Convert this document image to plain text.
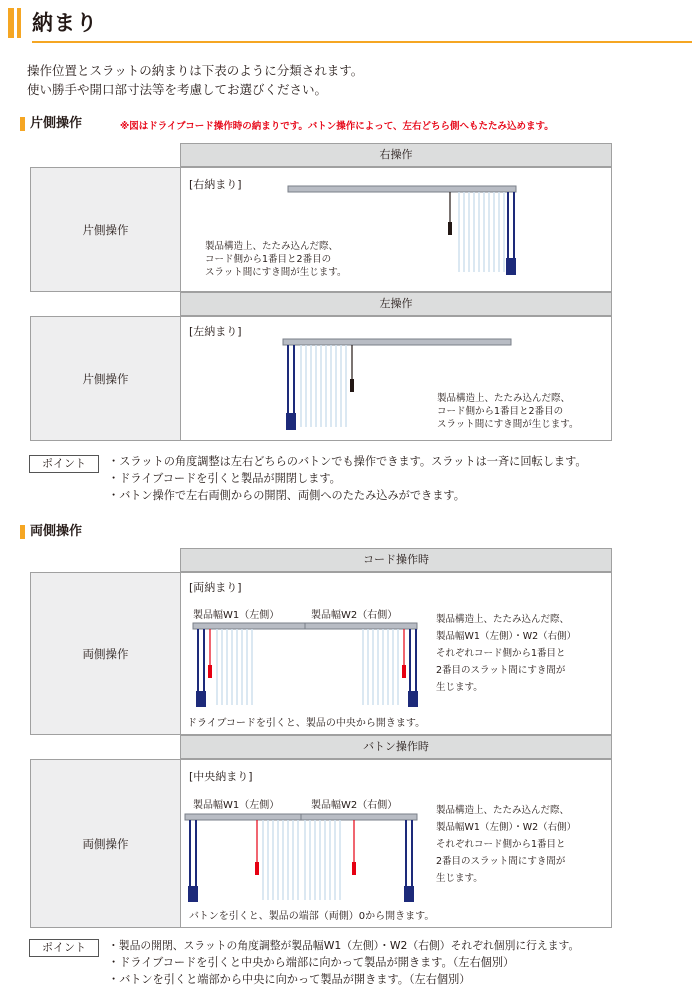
納まり
操作位置とスラットの納まりは下表のように分類されます。
使い勝手や開口部寸法等を考慮してお選びください。
片側操作	※図はドライブコード操作時の納まりです。バトン操作によって、左右どちら側へもたたみ込めます。
右操作
片側操作
[右納まり]
製品構造上、たたみ込んだ際、
コード側から1番目と2番目の
スラット間にすき間が生じます。
左操作
片側操作
[左納まり]
製品構造上、たたみ込んだ際、
コード側から1番目と2番目の
スラット間にすき間が生じます。
ポイント	・スラットの角度調整は左右どちらのバトンでも操作できます。スラットは一斉に回転します。
・ドライブコードを引くと製品が開閉します。
・バトン操作で左右両側からの開閉、両側へのたたみ込みができます。
両側操作
コード操作時
両側操作
[両納まり]
製品幅W1（左側）	製品幅W2（右側）	製品構造上、たたみ込んだ際、
製品幅W1（左側）・W2（右側）
それぞれコード側から1番目と
2番目のスラット間にすき間が
生じます。
ドライブコードを引くと、製品の中央から開きます。
バトン操作時
両側操作
[中央納まり]
製品幅W1（左側）	製品幅W2（右側）	製品構造上、たたみ込んだ際、
製品幅W1（左側）・W2（右側）
それぞれコード側から1番目と
2番目のスラット間にすき間が
生じます。
バトンを引くと、製品の端部（両側）0から開きます。
ポイント	・製品の開閉、スラットの角度調整が製品幅W1（左側）・W2（右側）それぞれ個別に行えます。
・ドライブコードを引くと中央から端部に向かって製品が開きます。（左右個別）
・バトンを引くと端部から中央に向かって製品が開きます。（左右個別）
